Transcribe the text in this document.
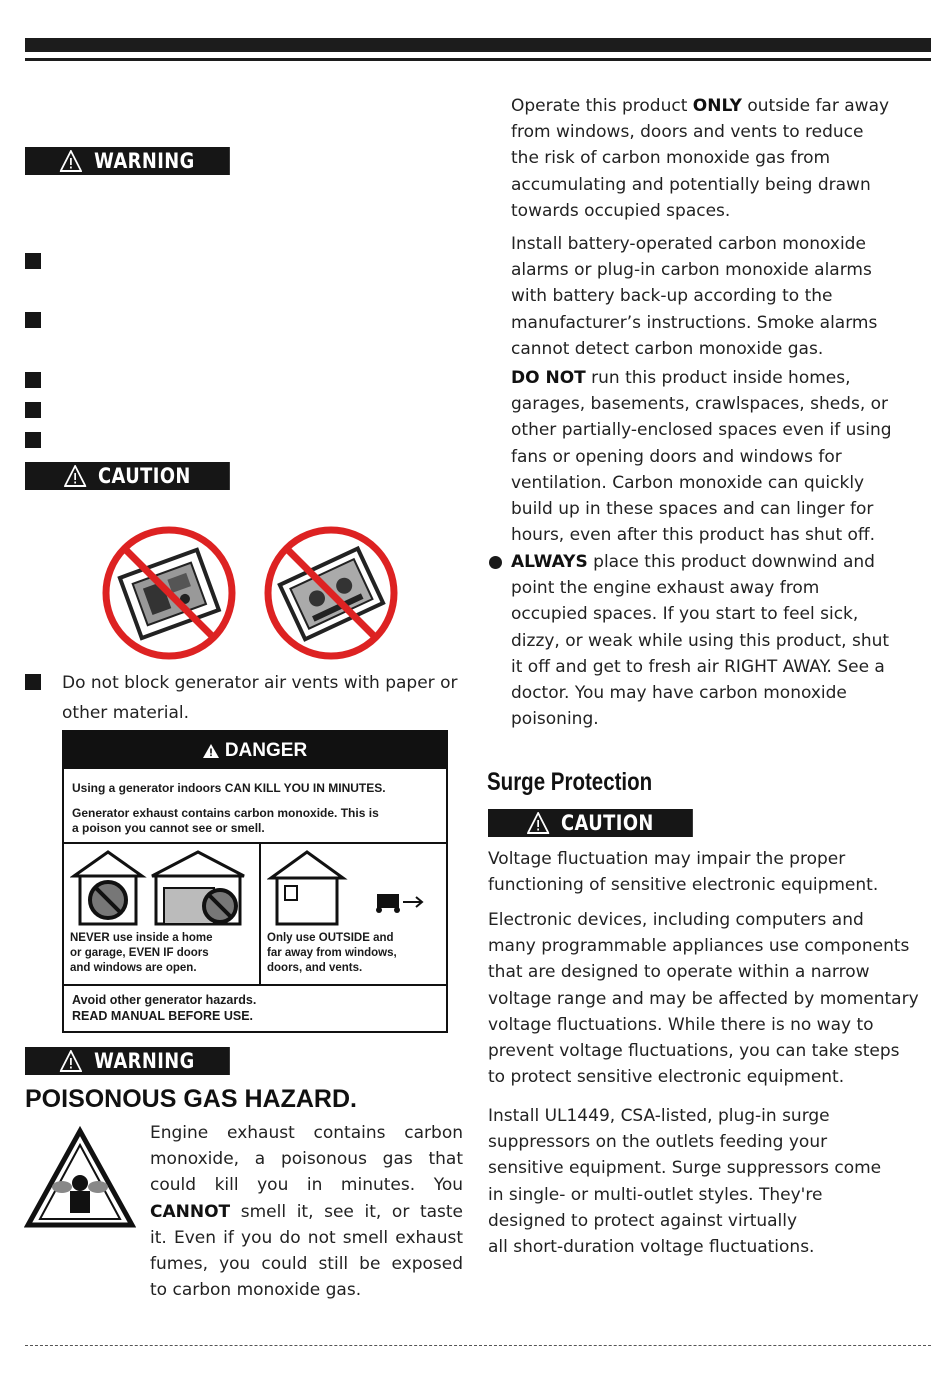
WARNING
CAUTION
Do not block generator air vents with paper or
other material.
DANGER
Using a generator indoors CAN KILL YOU IN MINUTES.
Generator exhaust contains carbon monoxide. This is
a poison you cannot see or smell.
NEVER use inside a home
or garage, EVEN IF doors
and windows are open.
Only use OUTSIDE and
far away from windows,
doors, and vents.
Avoid other generator hazards.
READ MANUAL BEFORE USE.
WARNING
POISONOUS GAS HAZARD.
Engine exhaust contains carbon
monoxide, a poisonous gas that
could kill you in minutes. You
CANNOT smell it, see it, or taste
it. Even if you do not smell exhaust
fumes, you could still be exposed
to carbon monoxide gas.
Operate this product ONLY outside far away
from windows, doors and vents to reduce
the risk of carbon monoxide gas from
accumulating and potentially being drawn
towards occupied spaces.
Install battery-operated carbon monoxide
alarms or plug-in carbon monoxide alarms
with battery back-up according to the
manufacturer’s instructions. Smoke alarms
cannot detect carbon monoxide gas.
DO NOT run this product inside homes,
garages, basements, crawlspaces, sheds, or
other partially-enclosed spaces even if using
fans or opening doors and windows for
ventilation. Carbon monoxide can quickly
build up in these spaces and can linger for
hours, even after this product has shut off.
ALWAYS place this product downwind and
point the engine exhaust away from
occupied spaces. If you start to feel sick,
dizzy, or weak while using this product, shut
it off and get to fresh air RIGHT AWAY. See a
doctor. You may have carbon monoxide
poisoning.
Surge Protection
CAUTION
Voltage fluctuation may impair the proper
functioning of sensitive electronic equipment.
Electronic devices, including computers and
many programmable appliances use components
that are designed to operate within a narrow
voltage range and may be affected by momentary
voltage fluctuations. While there is no way to
prevent voltage fluctuations, you can take steps
to protect sensitive electronic equipment.
Install UL1449, CSA-listed, plug-in surge
suppressors on the outlets feeding your
sensitive equipment. Surge suppressors come
in single- or multi-outlet styles. They're
designed to protect against virtually
all short-duration voltage fluctuations.
